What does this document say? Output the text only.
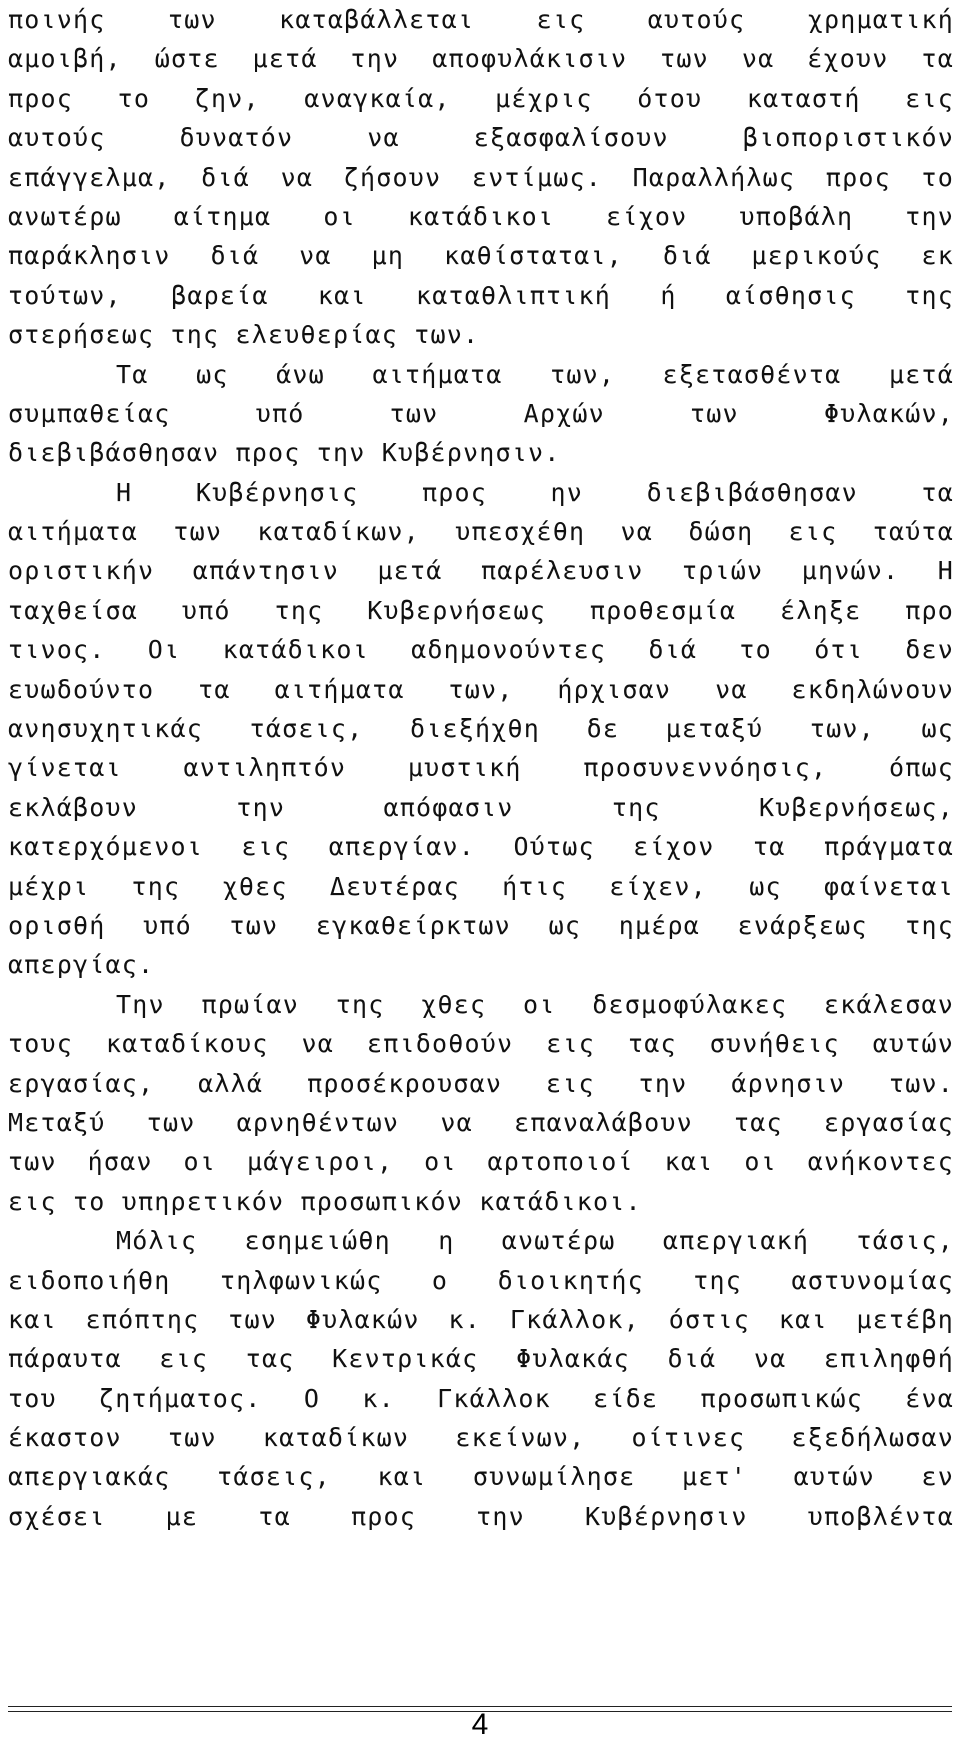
ποινής των καταβάλλεται εις αυτούς χρηματική
αμοιβή, ώστε μετά την αποφυλάκισιν των να έχουν τα
προς το ζην, αναγκαία, μέχρις ότου καταστή εις
αυτούς δυνατόν να εξασφαλίσουν βιοποριστικόν
επάγγελμα, διά να ζήσουν εντίμως. Παραλλήλως προς το
ανωτέρω αίτημα οι κατάδικοι είχον υποβάλη την
παράκλησιν διά να μη καθίσταται, διά μερικούς εκ
τούτων, βαρεία και καταθλιπτική ή αίσθησις της
στερήσεως της ελευθερίας των.
Τα ως άνω αιτήματα των, εξετασθέντα μετά
συμπαθείας υπό των Αρχών των Φυλακών,
διεβιβάσθησαν προς την Κυβέρνησιν.
Η Κυβέρνησις προς ην διεβιβάσθησαν τα
αιτήματα των καταδίκων, υπεσχέθη να δώση εις ταύτα
οριστικήν απάντησιν μετά παρέλευσιν τριών μηνών. Η
ταχθείσα υπό της Κυβερνήσεως προθεσμία έληξε προ
τινος. Οι κατάδικοι αδημονούντες διά το ότι δεν
ευωδούντο τα αιτήματα των, ήρχισαν να εκδηλώνουν
ανησυχητικάς τάσεις, διεξήχθη δε μεταξύ των, ως
γίνεται αντιληπτόν μυστική προσυνεννόησις, όπως
εκλάβουν την απόφασιν της Κυβερνήσεως,
κατερχόμενοι εις απεργίαν. Ούτως είχον τα πράγματα
μέχρι της χθες Δευτέρας ήτις είχεν, ως φαίνεται
ορισθή υπό των εγκαθείρκτων ως ημέρα ενάρξεως της
απεργίας.
Την πρωίαν της χθες οι δεσμοφύλακες εκάλεσαν
τους καταδίκους να επιδοθούν εις τας συνήθεις αυτών
εργασίας, αλλά προσέκρουσαν εις την άρνησιν των.
Μεταξύ των αρνηθέντων να επαναλάβουν τας εργασίας
των ήσαν οι μάγειροι, οι αρτοποιοί και οι ανήκοντες
εις το υπηρετικόν προσωπικόν κατάδικοι.
Μόλις εσημειώθη η ανωτέρω απεργιακή τάσις,
ειδοποιήθη τηλφωνικώς ο διοικητής της αστυνομίας
και επόπτης των Φυλακών κ. Γκάλλοκ, όστις και μετέβη
πάραυτα εις τας Κεντρικάς Φυλακάς διά να επιληφθή
του ζητήματος. Ο κ. Γκάλλοκ είδε προσωπικώς ένα
έκαστον των καταδίκων εκείνων, οίτινες εξεδήλωσαν
απεργιακάς τάσεις, και συνωμίλησε μετ' αυτών εν
σχέσει με τα προς την Κυβέρνησιν υποβλέντα
4
